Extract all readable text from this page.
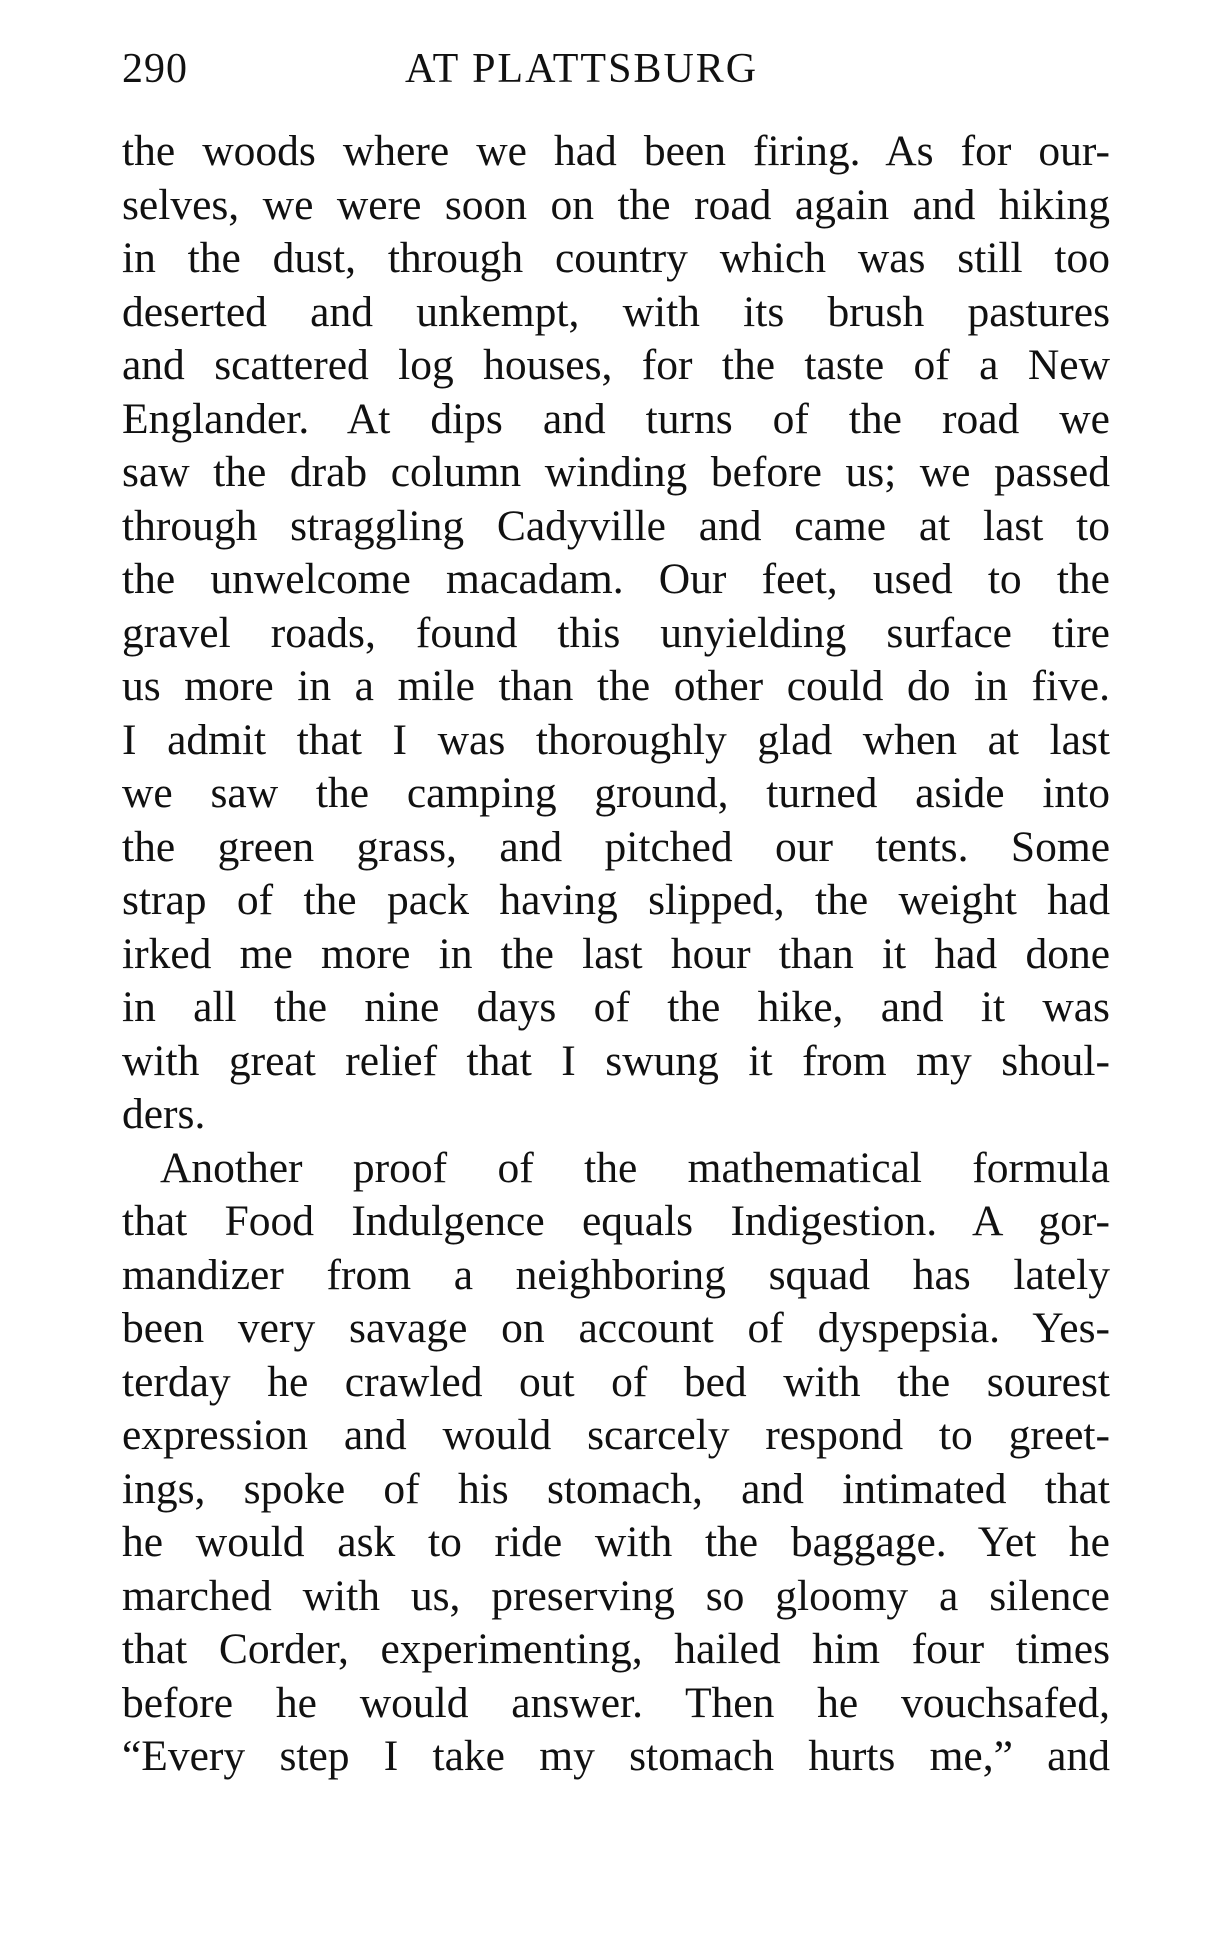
290	AT PLATTSBURG
the woods where we had been firing. As for our-
selves, we were soon on the road again and hiking
in the dust, through country which was still too
deserted and unkempt, with its brush pastures
and scattered log houses, for the taste of a New
Englander. At dips and turns of the road we
saw the drab column winding before us; we passed
through straggling Cadyville and came at last to
the unwelcome macadam. Our feet, used to the
gravel roads, found this unyielding surface tire
us more in a mile than the other could do in five.
I admit that I was thoroughly glad when at last
we saw the camping ground, turned aside into
the green grass, and pitched our tents. Some
strap of the pack having slipped, the weight had
irked me more in the last hour than it had done
in all the nine days of the hike, and it was
with great relief that I swung it from my shoul-
ders.
Another proof of the mathematical formula
that Food Indulgence equals Indigestion. A gor-
mandizer from a neighboring squad has lately
been very savage on account of dyspepsia. Yes-
terday he crawled out of bed with the sourest
expression and would scarcely respond to greet-
ings, spoke of his stomach, and intimated that
he would ask to ride with the baggage. Yet he
marched with us, preserving so gloomy a silence
that Corder, experimenting, hailed him four times
before he would answer. Then he vouchsafed,
“Every step I take my stomach hurts me,” and
